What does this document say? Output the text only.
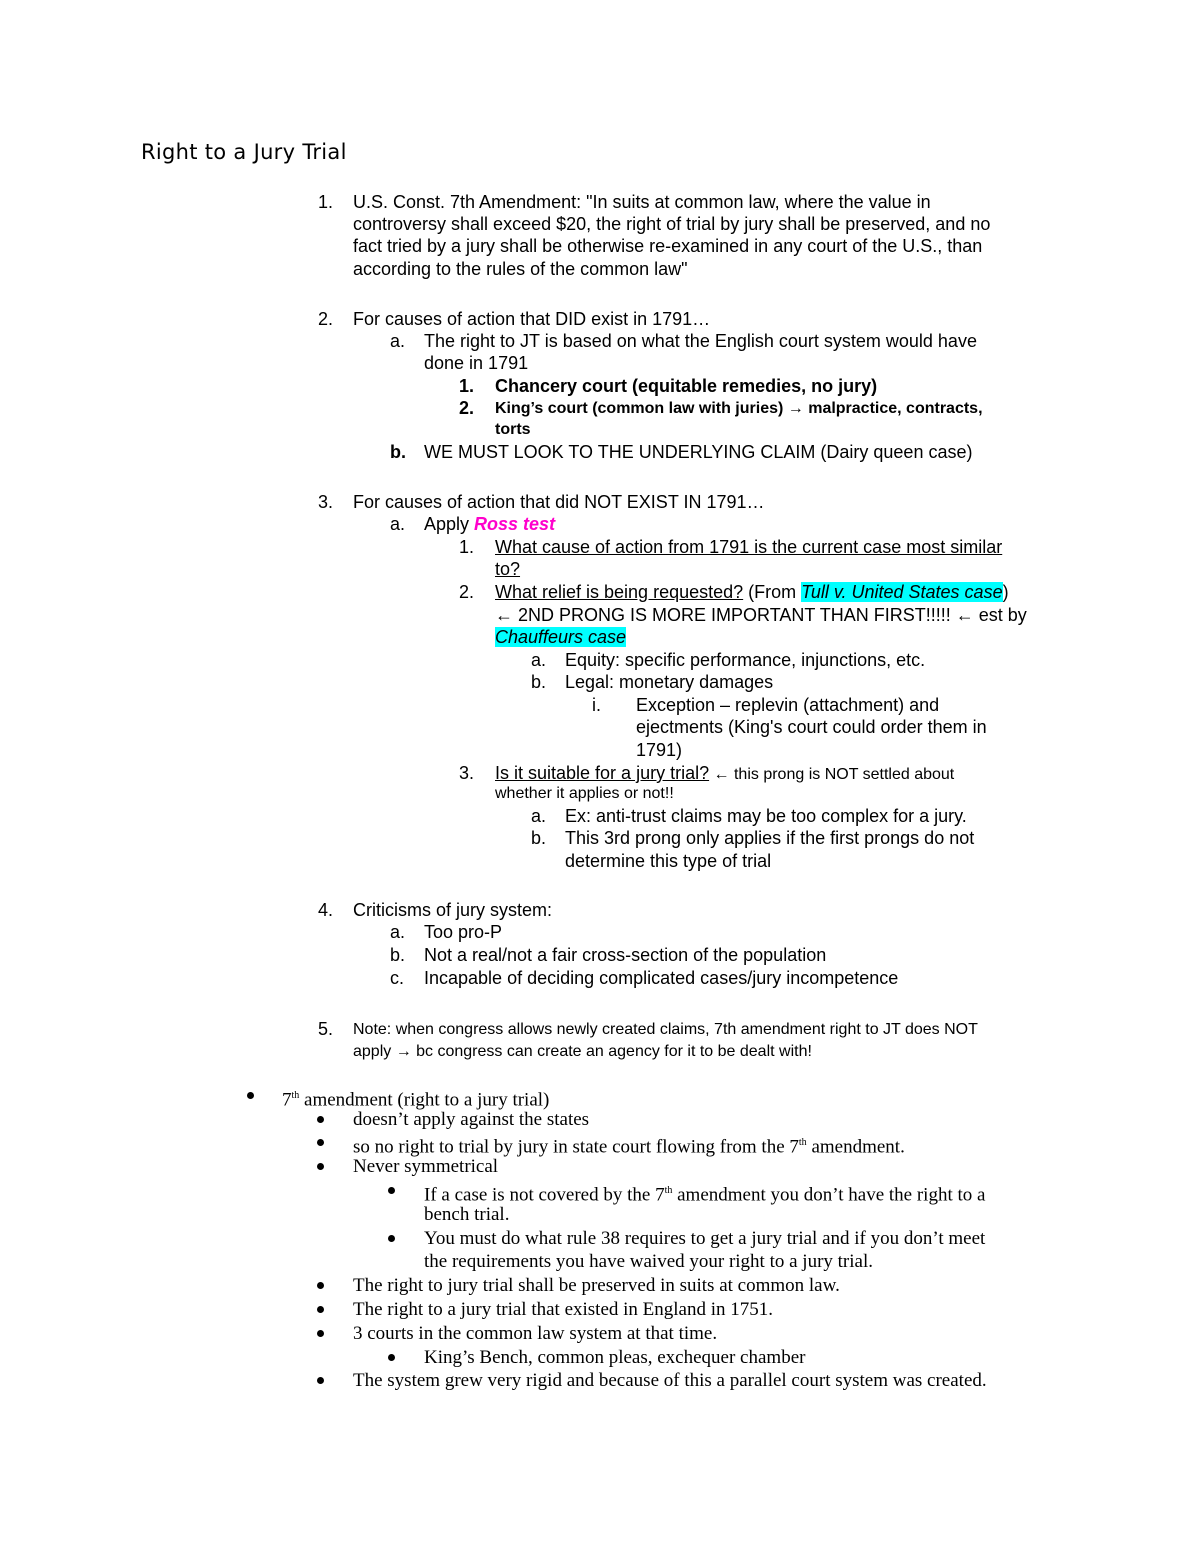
Right to a Jury Trial
1. U.S. Const. 7th Amendment: "In suits at common law, where the value in
controversy shall exceed $20, the right of trial by jury shall be preserved, and no
fact tried by a jury shall be otherwise re-examined in any court of the U.S., than
according to the rules of the common law"
2. For causes of action that DID exist in 1791…
a. The right to JT is based on what the English court system would have
done in 1791
1. Chancery court (equitable remedies, no jury)
2. King’s court (common law with juries) → malpractice, contracts,
torts
b. WE MUST LOOK TO THE UNDERLYING CLAIM (Dairy queen case)
3. For causes of action that did NOT EXIST IN 1791…
a. Apply Ross test
1. What cause of action from 1791 is the current case most similar
to?
2. What relief is being requested? (From Tull v. United States case)
← 2ND PRONG IS MORE IMPORTANT THAN FIRST!!!!! ← est by
Chauffeurs case
a. Equity: specific performance, injunctions, etc.
b. Legal: monetary damages
i. Exception – replevin (attachment) and
ejectments (King's court could order them in
1791)
3. Is it suitable for a jury trial? ← this prong is NOT settled about
whether it applies or not!!
a. Ex: anti-trust claims may be too complex for a jury.
b. This 3rd prong only applies if the first prongs do not
determine this type of trial
4. Criticisms of jury system:
a. Too pro-P
b. Not a real/not a fair cross-section of the population
c. Incapable of deciding complicated cases/jury incompetence
5. Note: when congress allows newly created claims, 7th amendment right to JT does NOT
apply → bc congress can create an agency for it to be dealt with!
7th amendment (right to a jury trial)
doesn’t apply against the states
so no right to trial by jury in state court flowing from the 7th amendment.
Never symmetrical
If a case is not covered by the 7th amendment you don’t have the right to a
bench trial.
You must do what rule 38 requires to get a jury trial and if you don’t meet
the requirements you have waived your right to a jury trial.
The right to jury trial shall be preserved in suits at common law.
The right to a jury trial that existed in England in 1751.
3 courts in the common law system at that time.
King’s Bench, common pleas, exchequer chamber
The system grew very rigid and because of this a parallel court system was created.
